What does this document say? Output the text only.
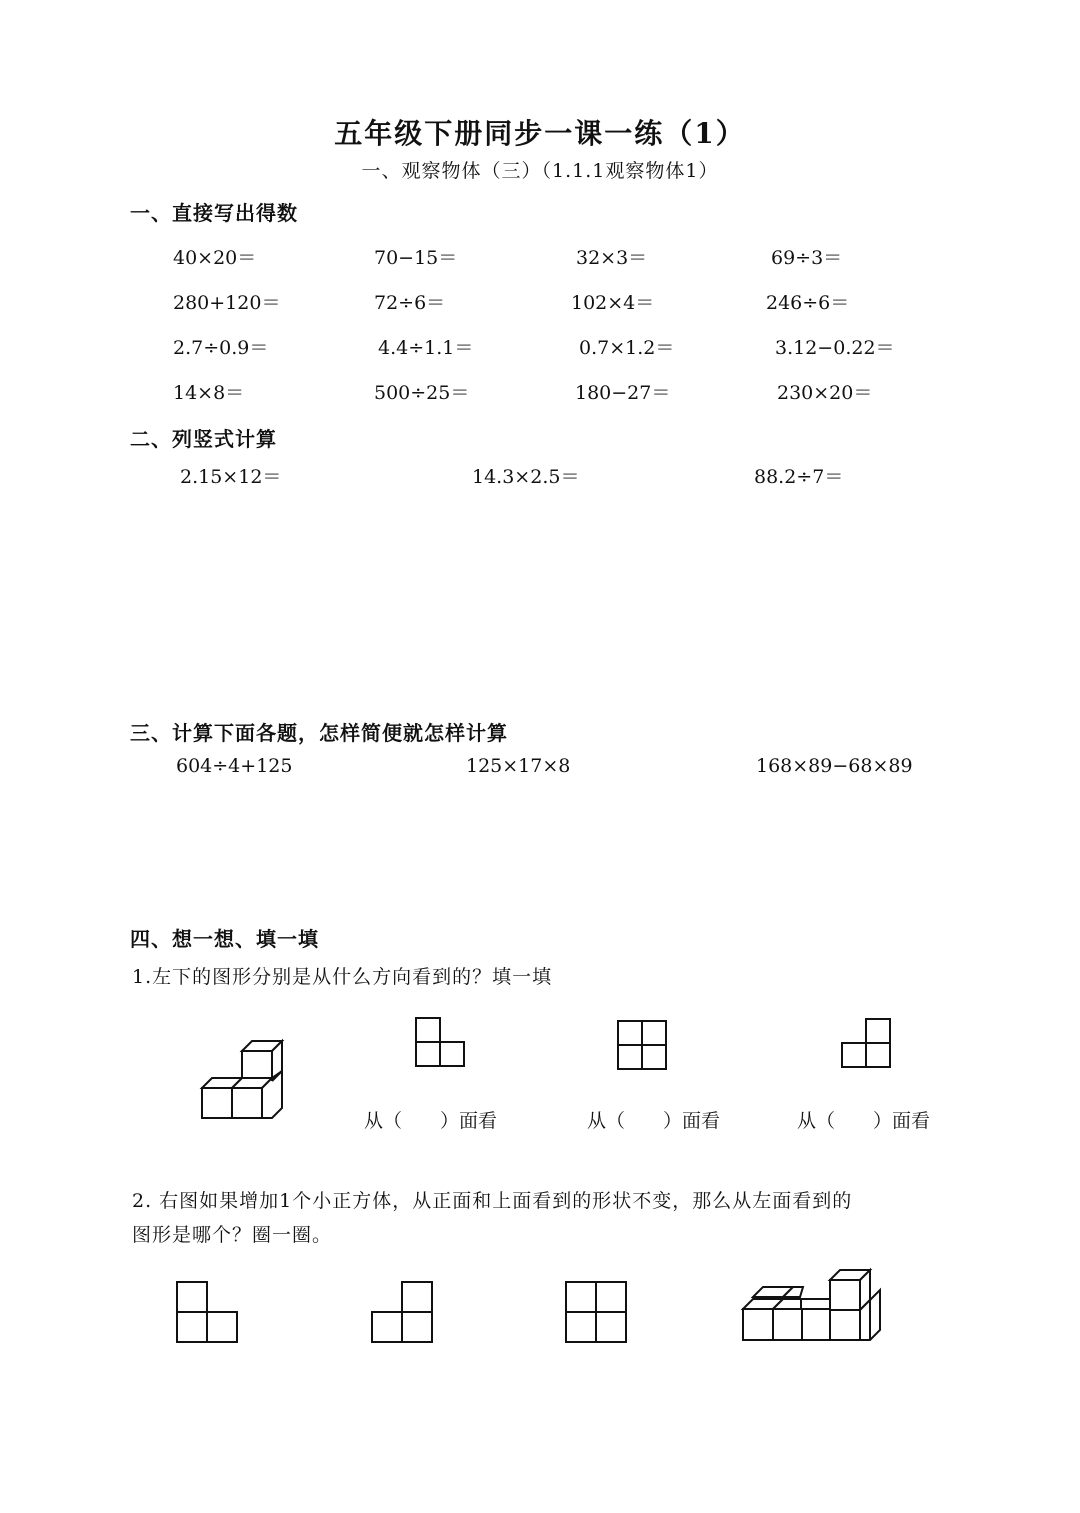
五年级下册同步一课一练（1）
一、观察物体（三）（1.1.1观察物体1）
一、直接写出得数
40×20＝	70−15＝	32×3＝	69÷3＝
280+120＝	72÷6＝	102×4＝	246÷6＝
2.7÷0.9＝	4.4÷1.1＝	0.7×1.2＝	3.12−0.22＝
14×8＝	500÷25＝	180−27＝	230×20＝
二、列竖式计算
2.15×12＝	14.3×2.5＝	88.2÷7＝
三、计算下面各题，怎样简便就怎样计算
604÷4+125	125×17×8	168×89−68×89
四、想一想、填一填
1.左下的图形分别是从什么方向看到的？填一填
从（　　）面看	从（　　）面看	从（　　）面看
2. 右图如果增加1个小正方体，从正面和上面看到的形状不变，那么从左面看到的
图形是哪个？圈一圈。
